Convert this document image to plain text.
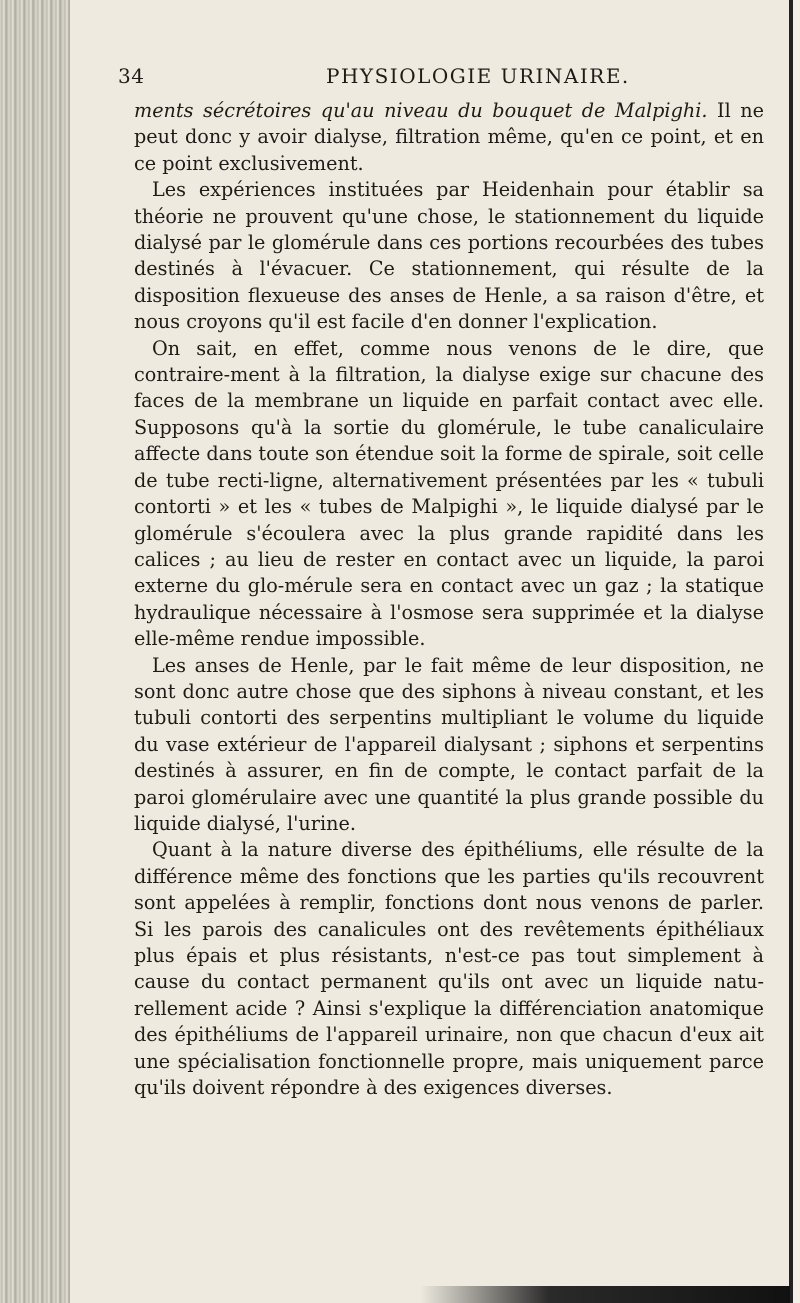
34	PHYSIOLOGIE URINAIRE.

ments sécrétoires qu'au niveau du bouquet de Malpighi. Il ne peut donc y avoir dialyse, filtration même, qu'en ce point, et en ce point exclusivement.

Les expériences instituées par Heidenhain pour établir sa théorie ne prouvent qu'une chose, le stationnement du liquide dialysé par le glomérule dans ces portions recourbées des tubes destinés à l'évacuer. Ce stationnement, qui résulte de la disposition flexueuse des anses de Henle, a sa raison d'être, et nous croyons qu'il est facile d'en donner l'explication.

On sait, en effet, comme nous venons de le dire, que contraire-ment à la filtration, la dialyse exige sur chacune des faces de la membrane un liquide en parfait contact avec elle. Supposons qu'à la sortie du glomérule, le tube canaliculaire affecte dans toute son étendue soit la forme de spirale, soit celle de tube recti-ligne, alternativement présentées par les « tubuli contorti » et les « tubes de Malpighi », le liquide dialysé par le glomérule s'écoulera avec la plus grande rapidité dans les calices ; au lieu de rester en contact avec un liquide, la paroi externe du glo-mérule sera en contact avec un gaz ; la statique hydraulique nécessaire à l'osmose sera supprimée et la dialyse elle-même rendue impossible.

Les anses de Henle, par le fait même de leur disposition, ne sont donc autre chose que des siphons à niveau constant, et les tubuli contorti des serpentins multipliant le volume du liquide du vase extérieur de l'appareil dialysant ; siphons et serpentins destinés à assurer, en fin de compte, le contact parfait de la paroi glomérulaire avec une quantité la plus grande possible du liquide dialysé, l'urine.

Quant à la nature diverse des épithéliums, elle résulte de la différence même des fonctions que les parties qu'ils recouvrent sont appelées à remplir, fonctions dont nous venons de parler. Si les parois des canalicules ont des revêtements épithéliaux plus épais et plus résistants, n'est-ce pas tout simplement à cause du contact permanent qu'ils ont avec un liquide natu-rellement acide ? Ainsi s'explique la différenciation anatomique des épithéliums de l'appareil urinaire, non que chacun d'eux ait une spécialisation fonctionnelle propre, mais uniquement parce qu'ils doivent répondre à des exigences diverses.
